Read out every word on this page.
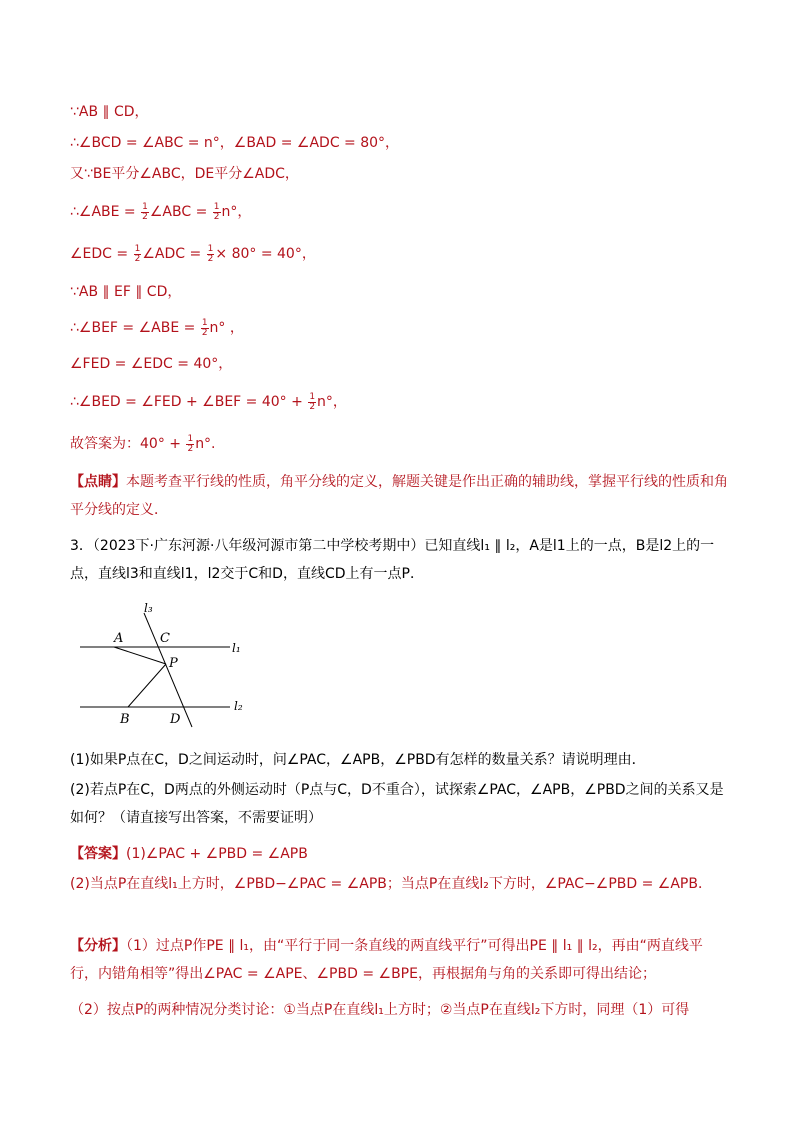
∵AB ∥ CD，
∴∠BCD = ∠ABC = n°，∠BAD = ∠ADC = 80°，
又∵BE平分∠ABC，DE平分∠ADC，
∴∠ABE = $\frac{1}{2}$ ∠ABC = $\frac{1}{2} n^\circ$，
∠EDC = $\frac{1}{2}$ ∠ADC = $\frac{1}{2} \times 80^\circ = 40^\circ$，
∵AB ∥ EF ∥ CD，
∴∠BEF = ∠ABE = $\frac{1}{2} n^\circ$ ，
∠FED = ∠EDC = 40°，
∴∠BED = ∠FED + ∠BEF = $40^\circ + \frac{1}{2} n^\circ$，
故答案为：$40^\circ + \frac{1}{2} n^\circ$.
【点睛】本题考查平行线的性质，角平分线的定义，解题关键是作出正确的辅助线，掌握平行线的性质和角平分线的定义．
3．（2023下·广东河源·八年级河源市第二中学校考期中）已知直线l₁ ∥ l₂，A是l1上的一点，B是l2上的一点，直线l3和直线l1，l2交于C和D，直线CD上有一点P．
l₃
A	C
l₁
P
l₂
B	D
(1)如果P点在C，D之间运动时，问∠PAC，∠APB，∠PBD有怎样的数量关系？请说明理由．
(2)若点P在C，D两点的外侧运动时（P点与C，D不重合），试探索∠PAC，∠APB，∠PBD之间的关系又是如何？（请直接写出答案，不需要证明）
【答案】(1)∠PAC + ∠PBD = ∠APB
(2)当点P在直线l₁上方时，∠PBD−∠PAC = ∠APB；当点P在直线l₂下方时，∠PAC−∠PBD = ∠APB．
【分析】（1）过点P作PE ∥ l₁，由“平行于同一条直线的两直线平行”可得出PE ∥ l₁ ∥ l₂，再由“两直线平行，内错角相等”得出∠PAC = ∠APE、∠PBD = ∠BPE，再根据角与角的关系即可得出结论；
（2）按点P的两种情况分类讨论：①当点P在直线l₁上方时；②当点P在直线l₂下方时，同理（1）可得
